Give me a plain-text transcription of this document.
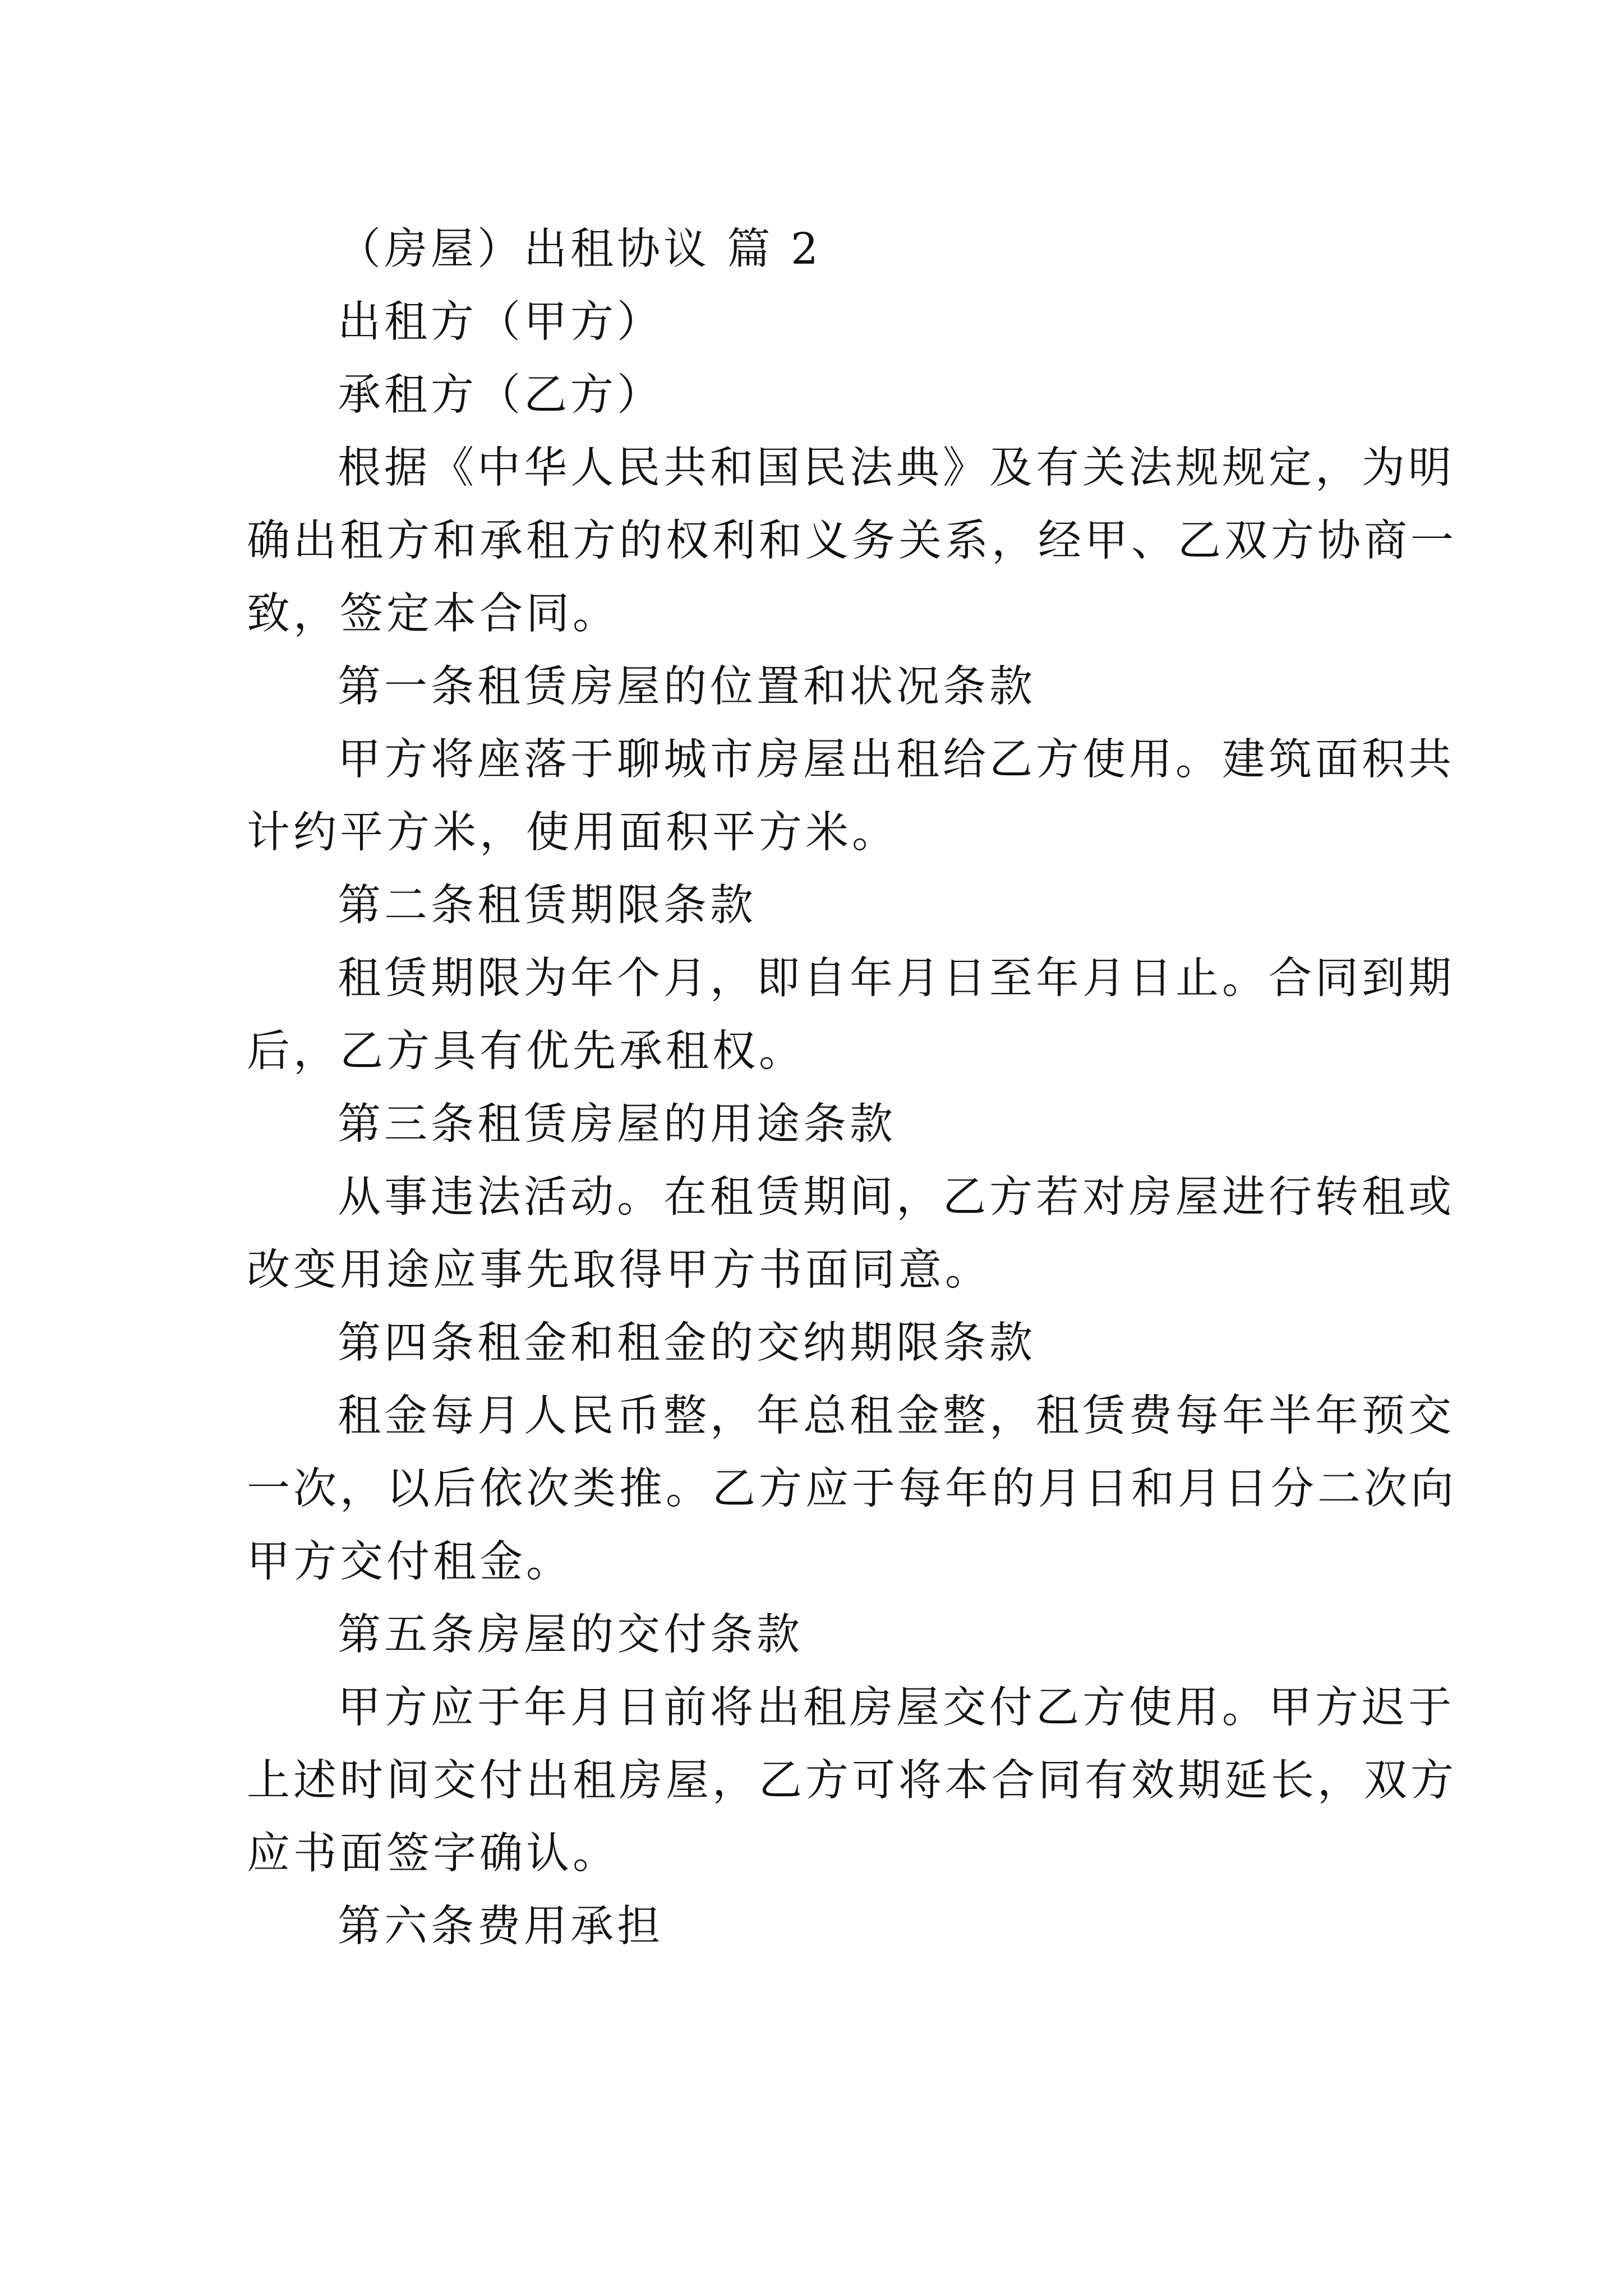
（房屋）出租协议 篇 2

出租方（甲方）

承租方（乙方）

根据《中华人民共和国民法典》及有关法规规定，为明

确出租方和承租方的权利和义务关系，经甲、乙双方协商一

致，签定本合同。

第一条租赁房屋的位置和状况条款

甲方将座落于聊城市房屋出租给乙方使用。建筑面积共

计约平方米，使用面积平方米。

第二条租赁期限条款

租赁期限为年个月，即自年月日至年月日止。合同到期

后，乙方具有优先承租权。

第三条租赁房屋的用途条款

从事违法活动。在租赁期间，乙方若对房屋进行转租或

改变用途应事先取得甲方书面同意。

第四条租金和租金的交纳期限条款

租金每月人民币整，年总租金整，租赁费每年半年预交

一次，以后依次类推。乙方应于每年的月日和月日分二次向

甲方交付租金。

第五条房屋的交付条款

甲方应于年月日前将出租房屋交付乙方使用。甲方迟于

上述时间交付出租房屋，乙方可将本合同有效期延长，双方

应书面签字确认。

第六条费用承担
